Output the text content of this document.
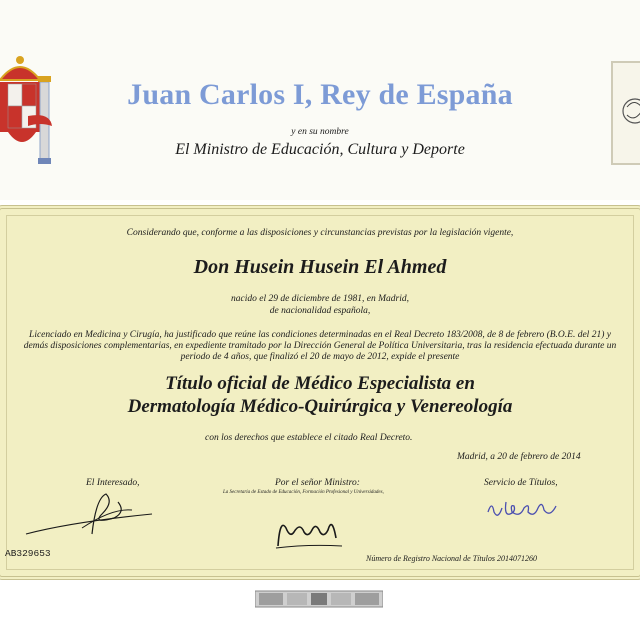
Juan Carlos I, Rey de España
y en su nombre
El Ministro de Educación, Cultura y Deporte
Considerando que, conforme a las disposiciones y circunstancias previstas por la legislación vigente,
Don Husein Husein El Ahmed
nacido el 29 de diciembre de 1981, en Madrid,
de nacionalidad española,
Licenciado en Medicina y Cirugía, ha justificado que reúne las condiciones determinadas en el Real Decreto 183/2008, de 8 de febrero (B.O.E. del 21) y demás disposiciones complementarias, en expediente tramitado por la Dirección General de Política Universitaria, tras la residencia efectuada durante un periodo de 4 años, que finalizó el 20 de mayo de 2012, expide el presente
Título oficial de Médico Especialista en
Dermatología Médico-Quirúrgica y Venereología
con los derechos que establece el citado Real Decreto.
Madrid, a 20 de febrero de 2014
El Interesado,	Por el señor Ministro:
La Secretaria de Estado de Educación, Formación Profesional y Universidades,
Servicio de Títulos,
AB329653	Número de Registro Nacional de Títulos 2014071260
